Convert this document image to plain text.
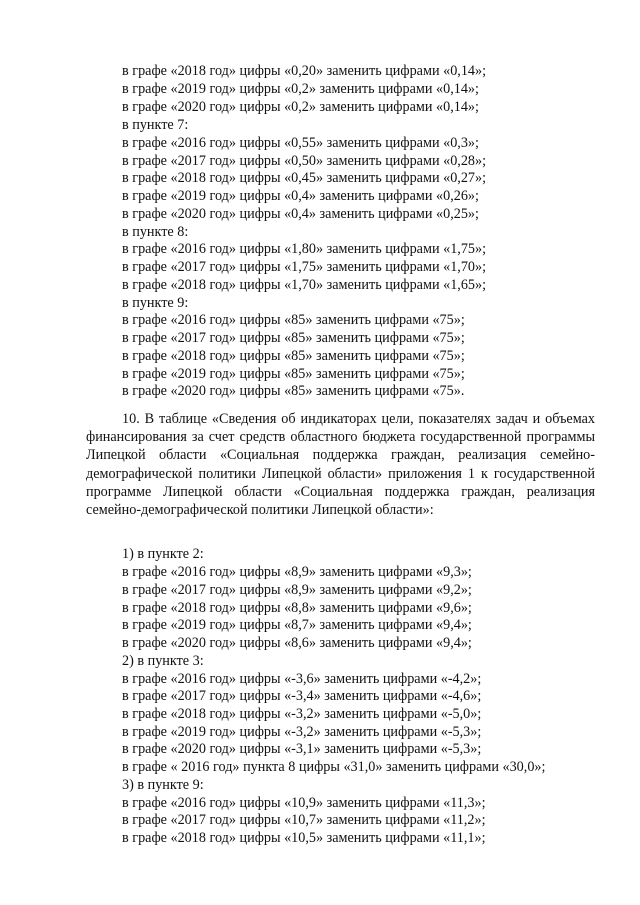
в графе «2018 год» цифры «0,20» заменить цифрами «0,14»;
в графе «2019 год» цифры «0,2» заменить цифрами «0,14»;
в графе «2020 год» цифры «0,2» заменить цифрами «0,14»;
в пункте 7:
в графе «2016 год» цифры «0,55» заменить цифрами «0,3»;
в графе «2017 год» цифры «0,50» заменить цифрами «0,28»;
в графе «2018 год» цифры «0,45» заменить цифрами «0,27»;
в графе «2019 год» цифры «0,4» заменить цифрами «0,26»;
в графе «2020 год» цифры «0,4» заменить цифрами «0,25»;
в пункте 8:
в графе «2016 год» цифры «1,80» заменить цифрами «1,75»;
в графе «2017 год» цифры «1,75» заменить цифрами «1,70»;
в графе «2018 год» цифры «1,70» заменить цифрами «1,65»;
в пункте 9:
в графе «2016 год» цифры «85» заменить цифрами «75»;
в графе «2017 год» цифры «85» заменить цифрами «75»;
в графе «2018 год» цифры «85» заменить цифрами «75»;
в графе «2019 год» цифры «85» заменить цифрами «75»;
в графе «2020 год» цифры «85» заменить цифрами «75».
10. В таблице «Сведения об индикаторах цели, показателях задач и объемах финансирования за счет средств областного бюджета государственной программы Липецкой области «Социальная поддержка граждан, реализация семейно-демографической политики Липецкой области» приложения 1 к государственной программе Липецкой области «Социальная поддержка граждан, реализация семейно-демографической политики Липецкой области»:
1) в пункте 2:
в графе «2016 год» цифры «8,9» заменить цифрами «9,3»;
в графе «2017 год» цифры «8,9» заменить цифрами «9,2»;
в графе «2018 год» цифры «8,8» заменить цифрами «9,6»;
в графе «2019 год» цифры «8,7» заменить цифрами «9,4»;
в графе «2020 год» цифры «8,6» заменить цифрами «9,4»;
2) в пункте 3:
в графе «2016 год» цифры «-3,6» заменить цифрами «-4,2»;
в графе «2017 год» цифры «-3,4» заменить цифрами «-4,6»;
в графе «2018 год» цифры «-3,2» заменить цифрами «-5,0»;
в графе «2019 год» цифры «-3,2» заменить цифрами «-5,3»;
в графе «2020 год» цифры «-3,1» заменить цифрами «-5,3»;
в графе « 2016 год» пункта 8 цифры «31,0» заменить цифрами «30,0»;
3) в пункте 9:
в графе «2016 год» цифры «10,9» заменить цифрами «11,3»;
в графе «2017 год» цифры «10,7» заменить цифрами «11,2»;
в графе «2018 год» цифры «10,5» заменить цифрами «11,1»;
